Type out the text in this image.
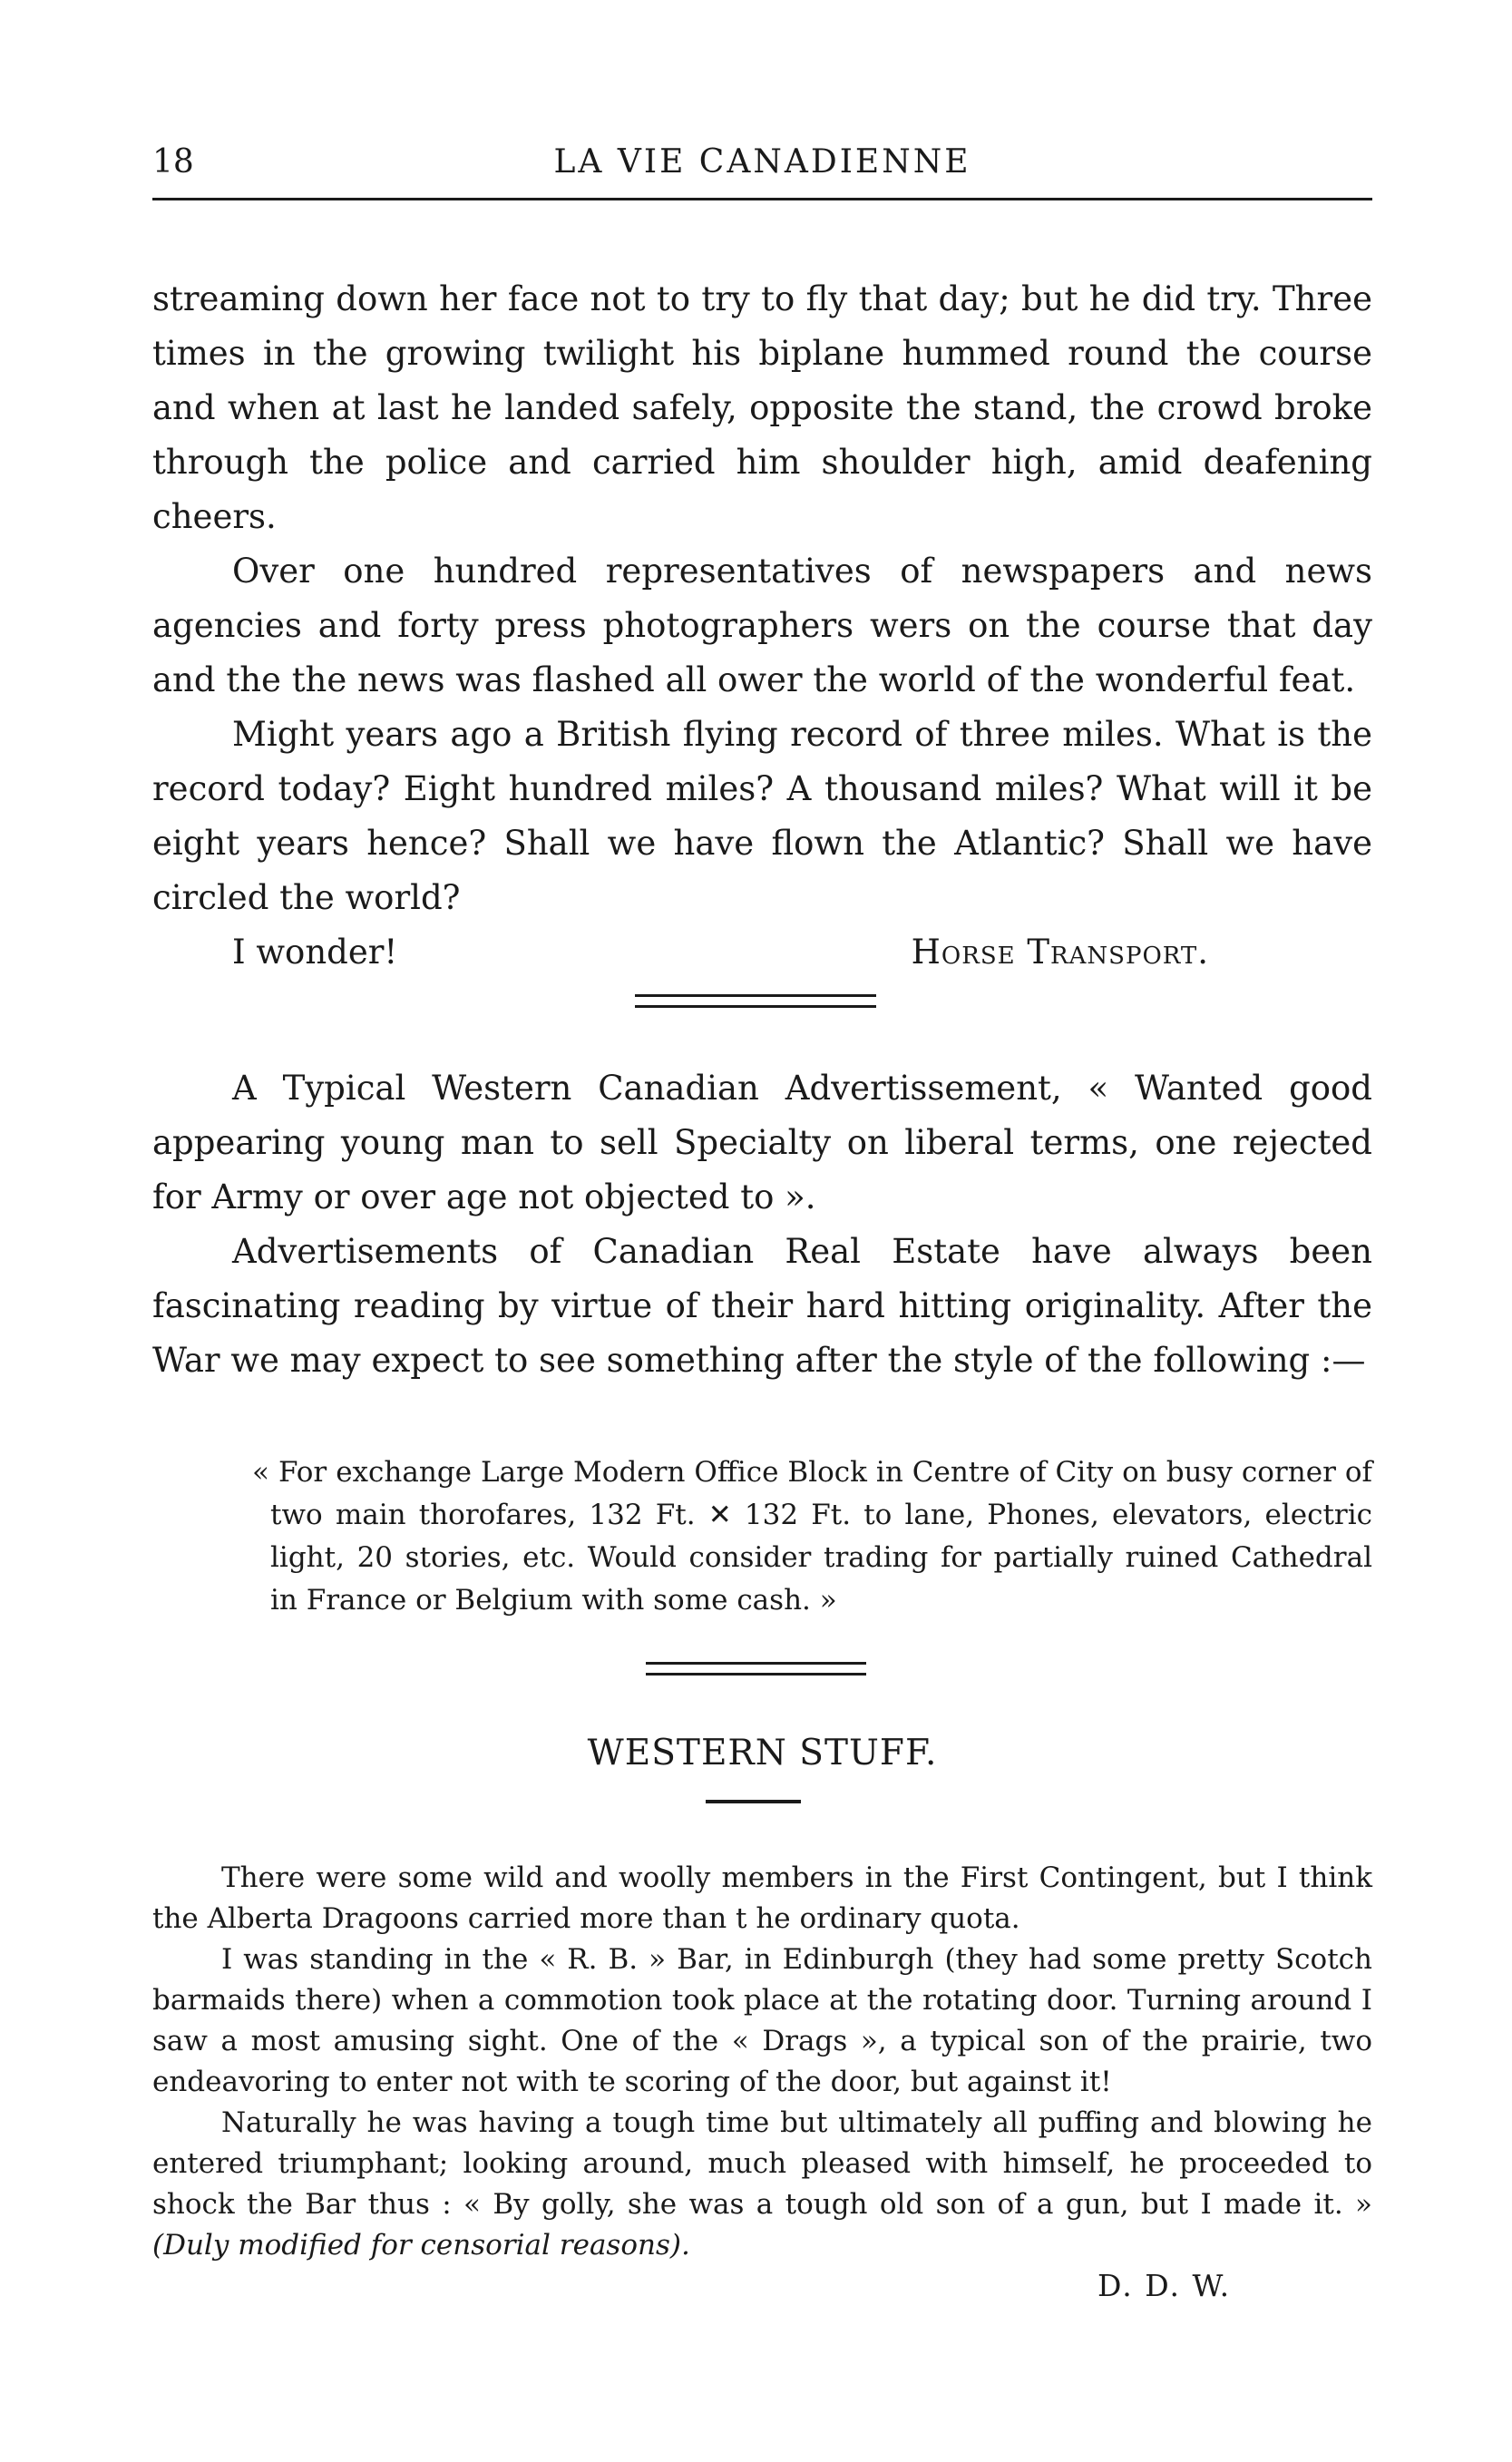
18	LA VIE CANADIENNE

streaming down her face not to try to fly that day; but he did try. Three times in the growing twilight his biplane hummed round the course and when at last he landed safely, opposite the stand, the crowd broke through the police and carried him shoulder high, amid deafening cheers.

Over one hundred representatives of newspapers and news agencies and forty press photographers wers on the course that day and the the news was flashed all ower the world of the wonderful feat.

Might years ago a British flying record of three miles. What is the record today? Eight hundred miles? A thousand miles? What will it be eight years hence? Shall we have flown the Atlantic? Shall we have circled the world?

I wonder!	Horse Transport.

A Typical Western Canadian Advertissement, « Wanted good appearing young man to sell Specialty on liberal terms, one rejected for Army or over age not objected to ».

Advertisements of Canadian Real Estate have always been fascinating reading by virtue of their hard hitting originality. After the War we may expect to see something after the style of the following :—

« For exchange Large Modern Office Block in Centre of City on busy corner of two main thorofares, 132 Ft. ✕ 132 Ft. to lane, Phones, elevators, electric light, 20 stories, etc. Would consider trading for partially ruined Cathedral in France or Belgium with some cash. »

WESTERN STUFF.

There were some wild and woolly members in the First Contingent, but I think the Alberta Dragoons carried more than t he ordinary quota.

I was standing in the « R. B. » Bar, in Edinburgh (they had some pretty Scotch barmaids there) when a commotion took place at the rotating door. Turning around I saw a most amusing sight. One of the « Drags », a typical son of the prairie, two endeavoring to enter not with te scoring of the door, but against it!

Naturally he was having a tough time but ultimately all puffing and blowing he entered triumphant; looking around, much pleased with himself, he proceeded to shock the Bar thus : « By golly, she was a tough old son of a gun, but I made it. » (Duly modified for censorial reasons).

D. D. W.
